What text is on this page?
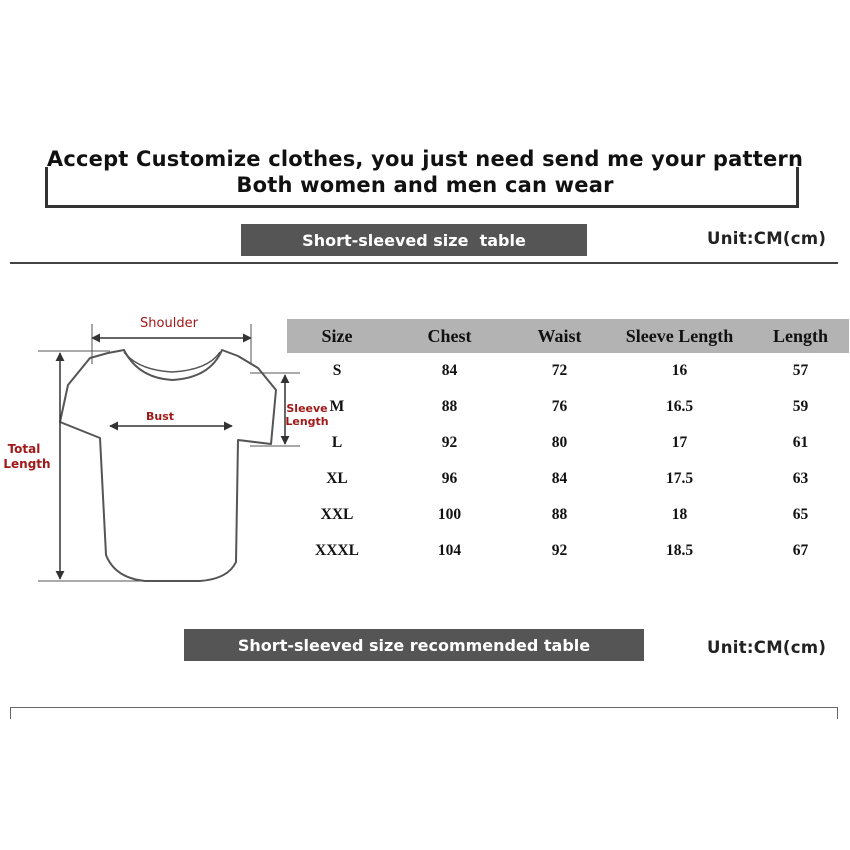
Accept Customize clothes, you just need send me your pattern
Both women and men can wear
Short-sleeved size  table	Unit:CM(cm)
Shoulder
Bust
Sleeve
Length
Total
Length
Size	Chest	Waist	Sleeve Length	Length
S	84	72	16	57
M	88	76	16.5	59
L	92	80	17	61
XL	96	84	17.5	63
XXL	100	88	18	65
XXXL	104	92	18.5	67
Short-sleeved size recommended table	Unit:CM(cm)
